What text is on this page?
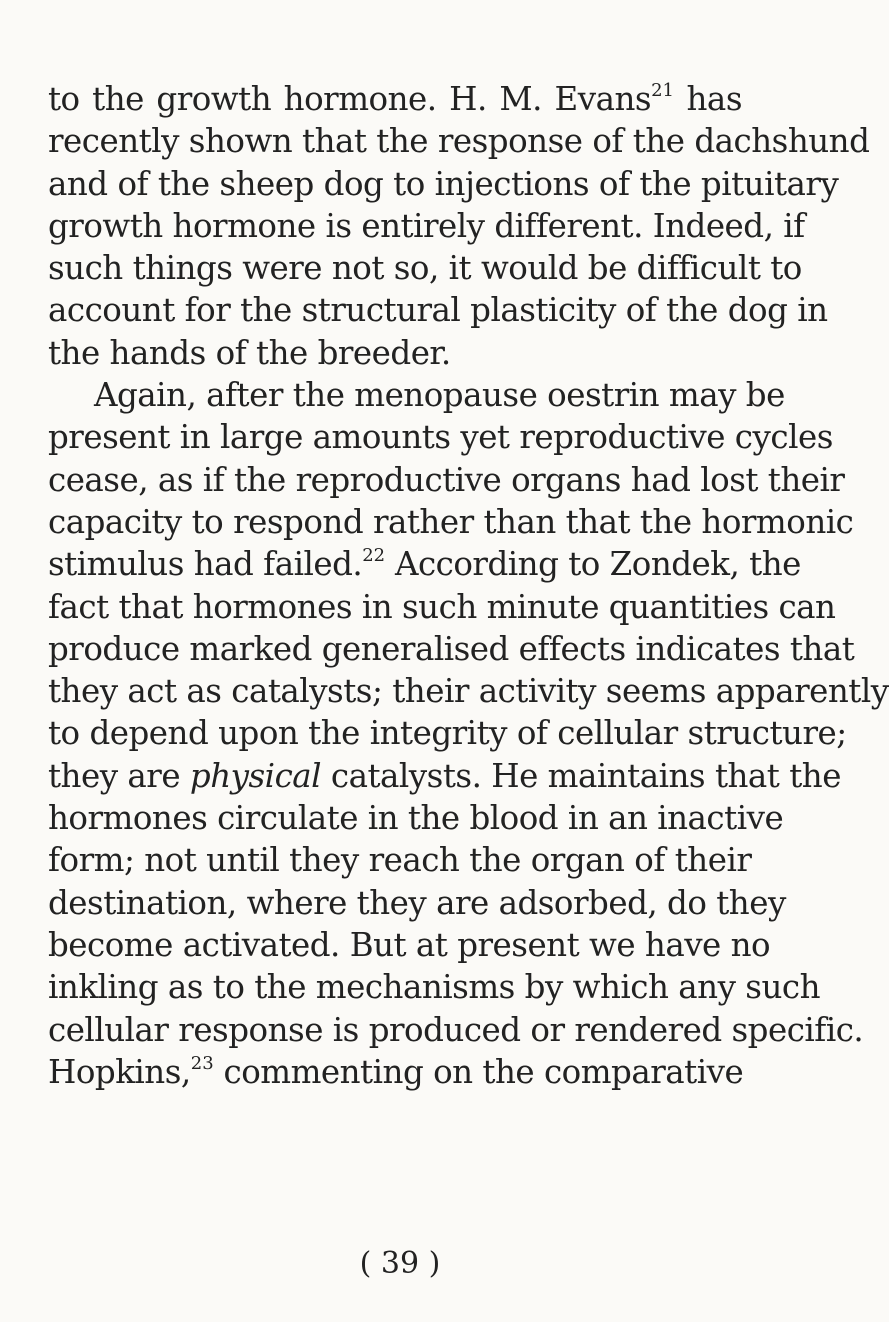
to the growth hormone. H. M. Evans$^{21}$ has
recently shown that the response of the dachshund
and of the sheep dog to injections of the pituitary
growth hormone is entirely different. Indeed, if
such things were not so, it would be difficult to
account for the structural plasticity of the dog in
the hands of the breeder.
Again, after the menopause oestrin may be
present in large amounts yet reproductive cycles
cease, as if the reproductive organs had lost their
capacity to respond rather than that the hormonic
stimulus had failed.$^{22}$ According to Zondek, the
fact that hormones in such minute quantities can
produce marked generalised effects indicates that
they act as catalysts; their activity seems apparently
to depend upon the integrity of cellular structure;
they are physical catalysts. He maintains that the
hormones circulate in the blood in an inactive
form; not until they reach the organ of their
destination, where they are adsorbed, do they
become activated. But at present we have no
inkling as to the mechanisms by which any such
cellular response is produced or rendered specific.
Hopkins,$^{23}$ commenting on the comparative
( 39 )
